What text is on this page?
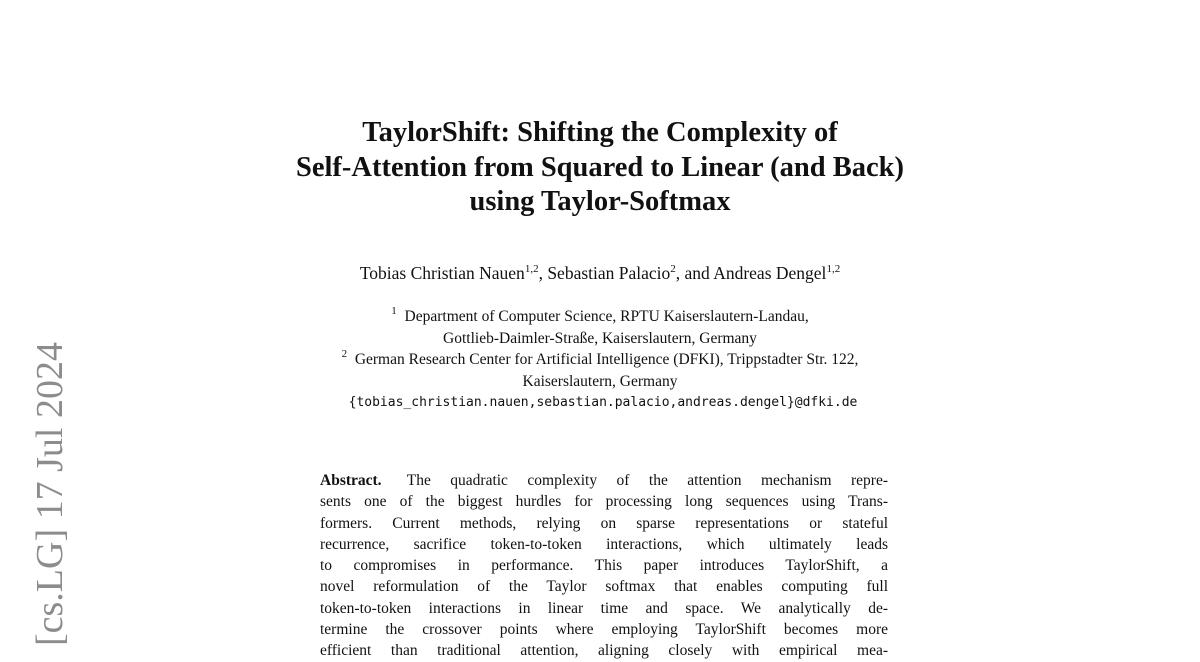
[cs.LG] 17 Jul 2024
TaylorShift: Shifting the Complexity of
Self-Attention from Squared to Linear (and Back)
using Taylor-Softmax
Tobias Christian Nauen$^{1,2}$, Sebastian Palacio$^2$, and Andreas Dengel$^{1,2}$
$^1$ Department of Computer Science, RPTU Kaiserslautern-Landau,
Gottlieb-Daimler-Straße, Kaiserslautern, Germany
$^2$ German Research Center for Artificial Intelligence (DFKI), Trippstadter Str. 122,
Kaiserslautern, Germany
{tobias_christian.nauen,sebastian.palacio,andreas.dengel}@dfki.de
Abstract. The quadratic complexity of the attention mechanism repre-
sents one of the biggest hurdles for processing long sequences using Trans-
formers. Current methods, relying on sparse representations or stateful
recurrence, sacrifice token-to-token interactions, which ultimately leads
to compromises in performance. This paper introduces TaylorShift, a
novel reformulation of the Taylor softmax that enables computing full
token-to-token interactions in linear time and space. We analytically de-
termine the crossover points where employing TaylorShift becomes more
efficient than traditional attention, aligning closely with empirical mea-
